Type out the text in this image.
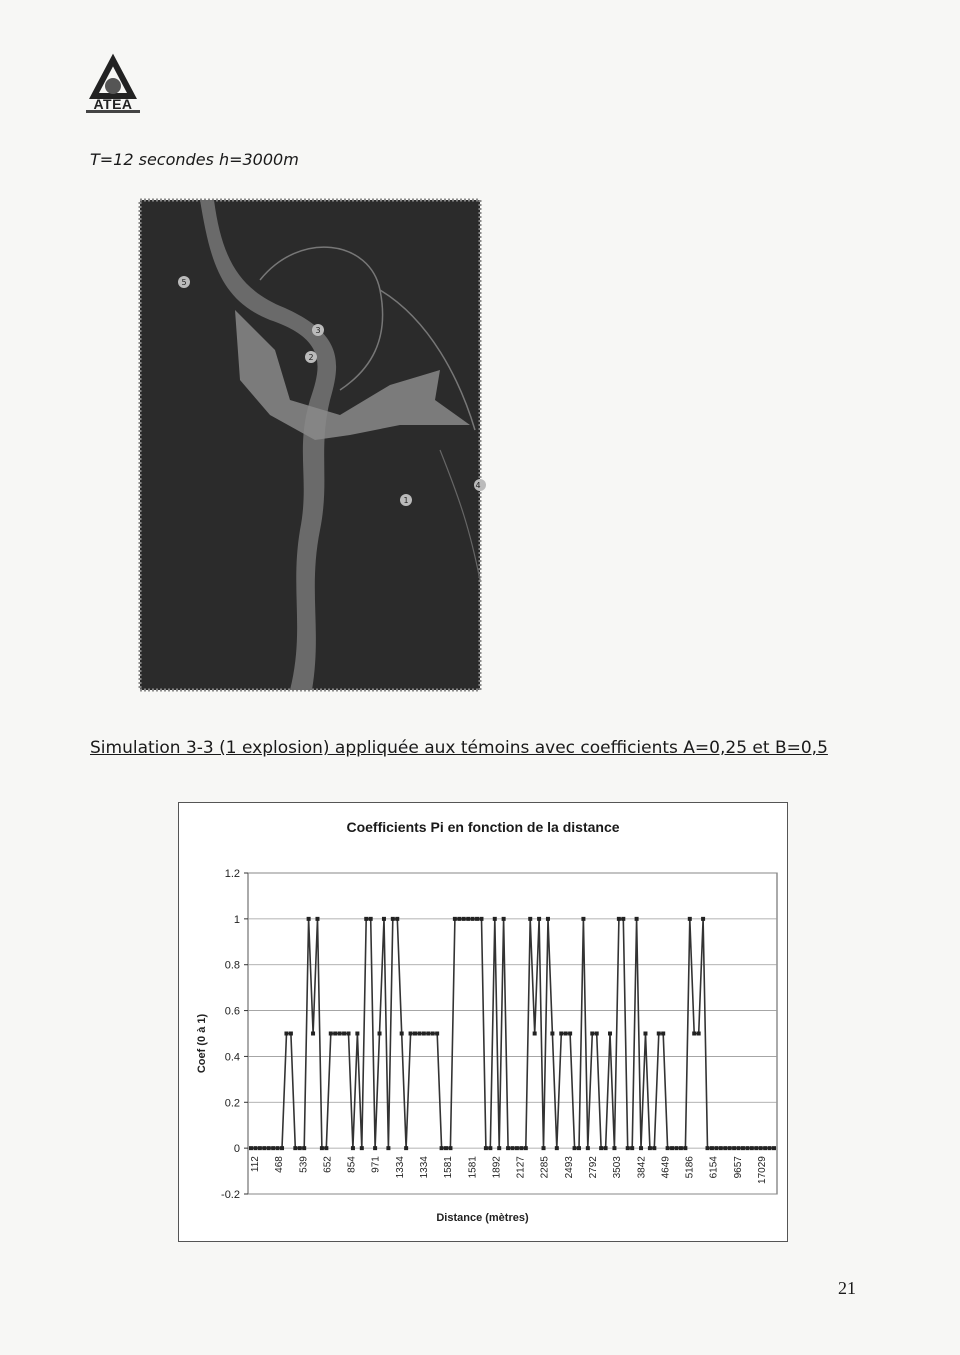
ATEA
T=12 secondes h=3000m
5
3
2
1
4
Simulation 3-3 (1 explosion) appliquée aux témoins avec coefficients A=0,25 et B=0,5
Coefficients Pi en fonction de la distance
1.2
1
0.8
0.6
0.4
0.2
0
-0.2
Coef (0 à 1)
112 468 539 652 854 971 1334 1334 1581 1581 1892 2127 2285 2493 2792 3503 3842 4649 5186 6154 9657 17029
Distance (mètres)
21
